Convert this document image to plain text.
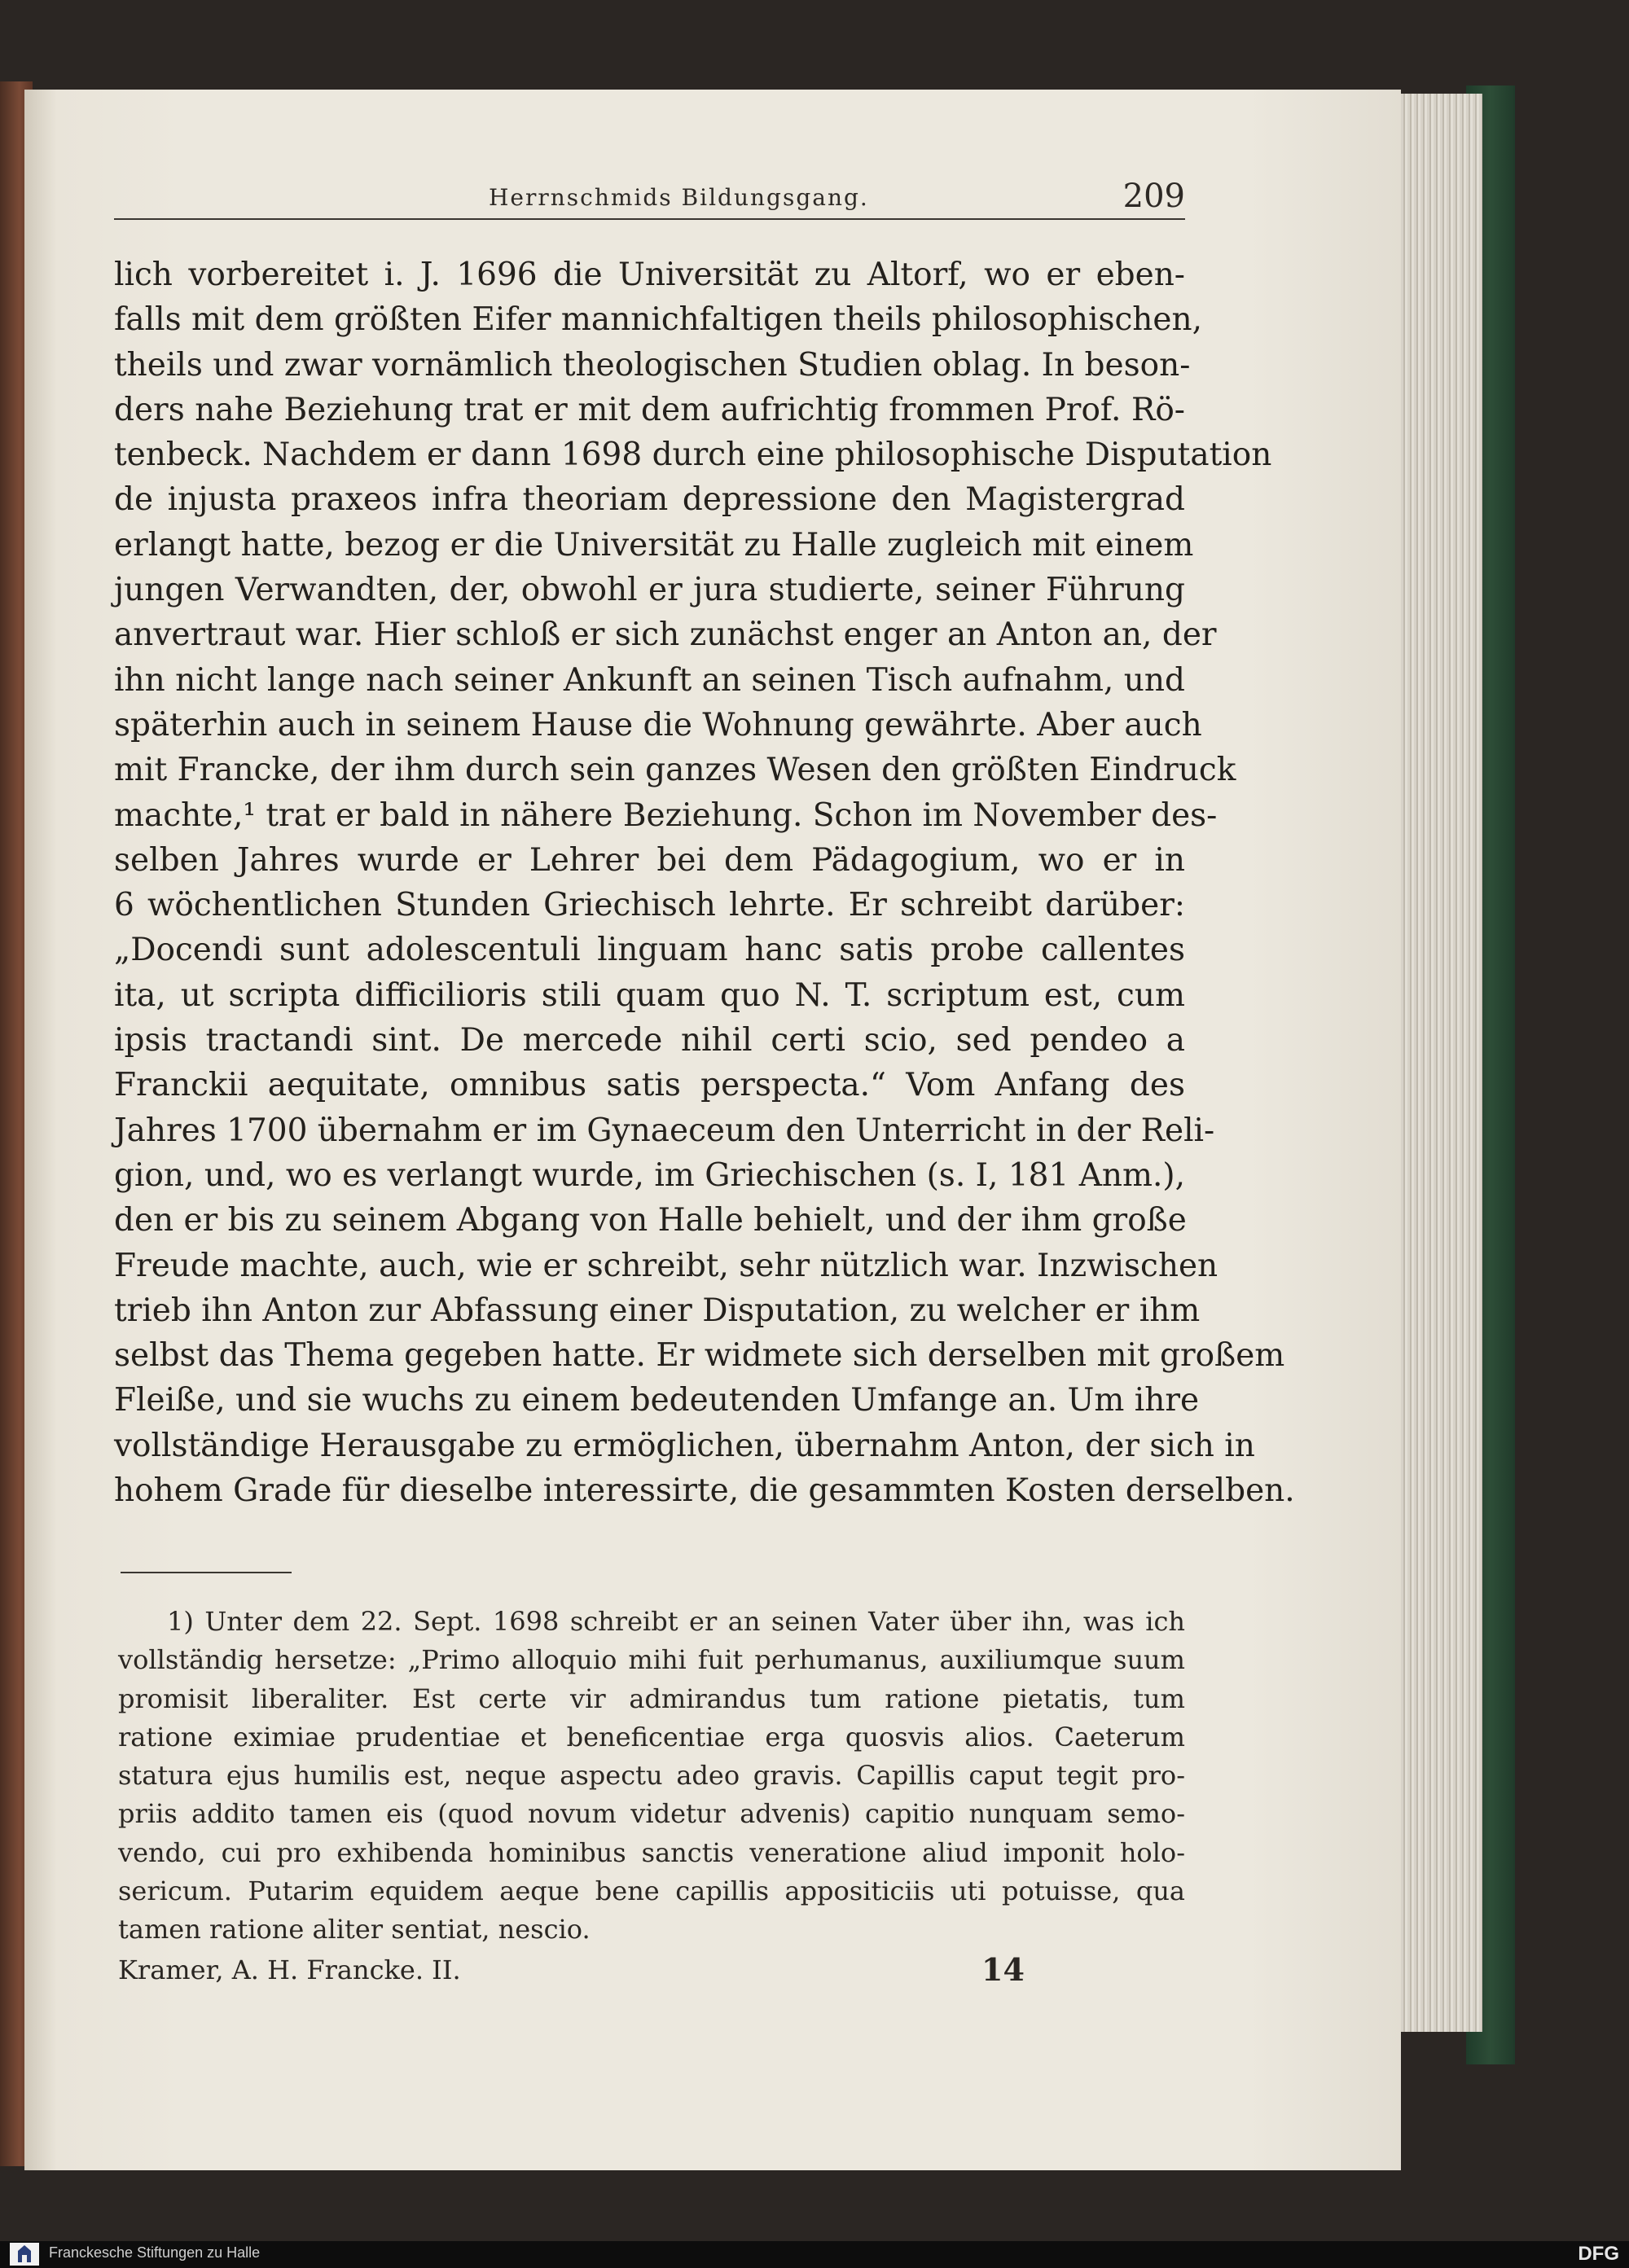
Herrnschmids Bildungsgang.	209
lich vorbereitet i. J. 1696 die Universität zu Altorf, wo er eben-
falls mit dem größten Eifer mannichfaltigen theils philosophischen,
theils und zwar vornämlich theologischen Studien oblag. In beson-
ders nahe Beziehung trat er mit dem aufrichtig frommen Prof. Rö-
tenbeck. Nachdem er dann 1698 durch eine philosophische Disputation
de injusta praxeos infra theoriam depressione den Magistergrad
erlangt hatte, bezog er die Universität zu Halle zugleich mit einem
jungen Verwandten, der, obwohl er jura studierte, seiner Führung
anvertraut war. Hier schloß er sich zunächst enger an Anton an, der
ihn nicht lange nach seiner Ankunft an seinen Tisch aufnahm, und
späterhin auch in seinem Hause die Wohnung gewährte. Aber auch
mit Francke, der ihm durch sein ganzes Wesen den größten Eindruck
machte,¹ trat er bald in nähere Beziehung. Schon im November des-
selben Jahres wurde er Lehrer bei dem Pädagogium, wo er in
6 wöchentlichen Stunden Griechisch lehrte. Er schreibt darüber:
„Docendi sunt adolescentuli linguam hanc satis probe callentes
ita, ut scripta difficilioris stili quam quo N. T. scriptum est, cum
ipsis tractandi sint. De mercede nihil certi scio, sed pendeo a
Franckii aequitate, omnibus satis perspecta.“ Vom Anfang des
Jahres 1700 übernahm er im Gynaeceum den Unterricht in der Reli-
gion, und, wo es verlangt wurde, im Griechischen (s. I, 181 Anm.),
den er bis zu seinem Abgang von Halle behielt, und der ihm große
Freude machte, auch, wie er schreibt, sehr nützlich war. Inzwischen
trieb ihn Anton zur Abfassung einer Disputation, zu welcher er ihm
selbst das Thema gegeben hatte. Er widmete sich derselben mit großem
Fleiße, und sie wuchs zu einem bedeutenden Umfange an. Um ihre
vollständige Herausgabe zu ermöglichen, übernahm Anton, der sich in
hohem Grade für dieselbe interessirte, die gesammten Kosten derselben.
1) Unter dem 22. Sept. 1698 schreibt er an seinen Vater über ihn, was ich
vollständig hersetze: „Primo alloquio mihi fuit perhumanus, auxiliumque suum
promisit liberaliter. Est certe vir admirandus tum ratione pietatis, tum
ratione eximiae prudentiae et beneficentiae erga quosvis alios. Caeterum
statura ejus humilis est, neque aspectu adeo gravis. Capillis caput tegit pro-
priis addito tamen eis (quod novum videtur advenis) capitio nunquam semo-
vendo, cui pro exhibenda hominibus sanctis veneratione aliud imponit holo-
sericum. Putarim equidem aeque bene capillis appositiciis uti potuisse, qua
tamen ratione aliter sentiat, nescio.
Kramer, A. H. Francke. II.	14
Franckesche Stiftungen zu Halle	DFG
